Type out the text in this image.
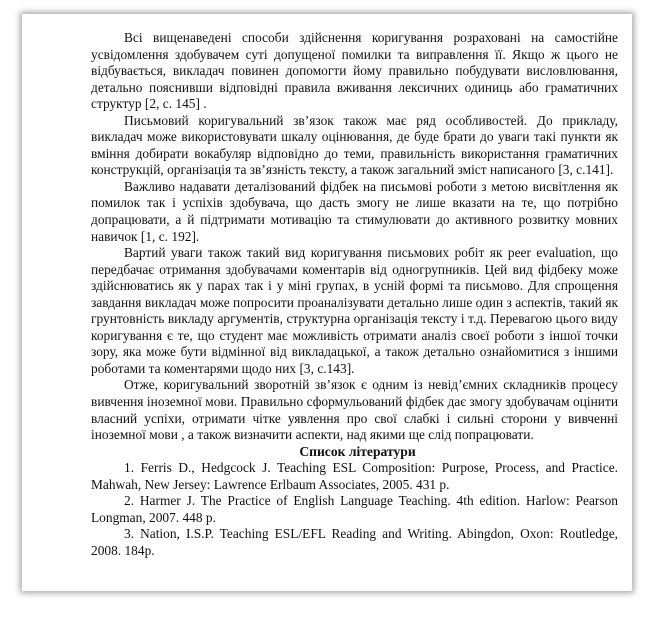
Всі вищенаведені способи здійснення коригування розраховані на самостійне усвідомлення здобувачем суті допущеної помилки та виправлення її. Якщо ж цього не відбувається, викладач повинен допомогти йому правильно побудувати висловлювання, детально пояснивши відповідні правила вживання лексичних одиниць або граматичних структур [2, с. 145] .

Письмовий коригувальний зв’язок також має ряд особливостей. До прикладу, викладач може використовувати шкалу оцінювання, де буде брати до уваги такі пункти як вміння добирати вокабуляр відповідно до теми, правильність використання граматичних конструкцій, організація та зв’язність тексту, а також загальний зміст написаного [3, с.141].

Важливо надавати деталізований фідбек на письмові роботи з метою висвітлення як помилок так і успіхів здобувача, що дасть змогу не лише вказати на те, що потрібно допрацювати, а й підтримати мотивацію та стимулювати до активного розвитку мовних навичок [1, с. 192].

Вартий уваги також такий вид коригування письмових робіт як peer evaluation, що передбачає отримання здобувачами коментарів від одногрупників. Цей вид фідбеку може здійснюватись як у парах так і у міні групах, в усній формі та письмово. Для спрощення завдання викладач може попросити проаналізувати детально лише один з аспектів, такий як грунтовність викладу аргументів, структурна організація тексту і т.д. Перевагою цього виду коригування є те, що студент має можливість отримати аналіз своєї роботи з іншої точки зору, яка може бути відмінної від викладацької, а також детально ознайомитися з іншими роботами та коментарями щодо них [3, с.143].

Отже, коригувальний зворотній зв’язок є одним із невід’ємних складників процесу вивчення іноземної мови. Правильно сформульований фідбек дає змогу здобувачам оцінити власний успіхи, отримати чітке уявлення про свої слабкі і сильні сторони у вивченні іноземної мови , а також визначити аспекти, над якими ще слід попрацювати.

Список літератури

1. Ferris D., Hedgcock J. Teaching ESL Composition: Purpose, Process, and Practice. Mahwah, New Jersey: Lawrence Erlbaum Associates, 2005. 431 p.

2. Harmer J. The Practice of English Language Teaching. 4th edition. Harlow: Pearson Longman, 2007. 448 p.

3. Nation, I.S.P. Teaching ESL/EFL Reading and Writing. Abingdon, Oxon: Routledge, 2008. 184p.
